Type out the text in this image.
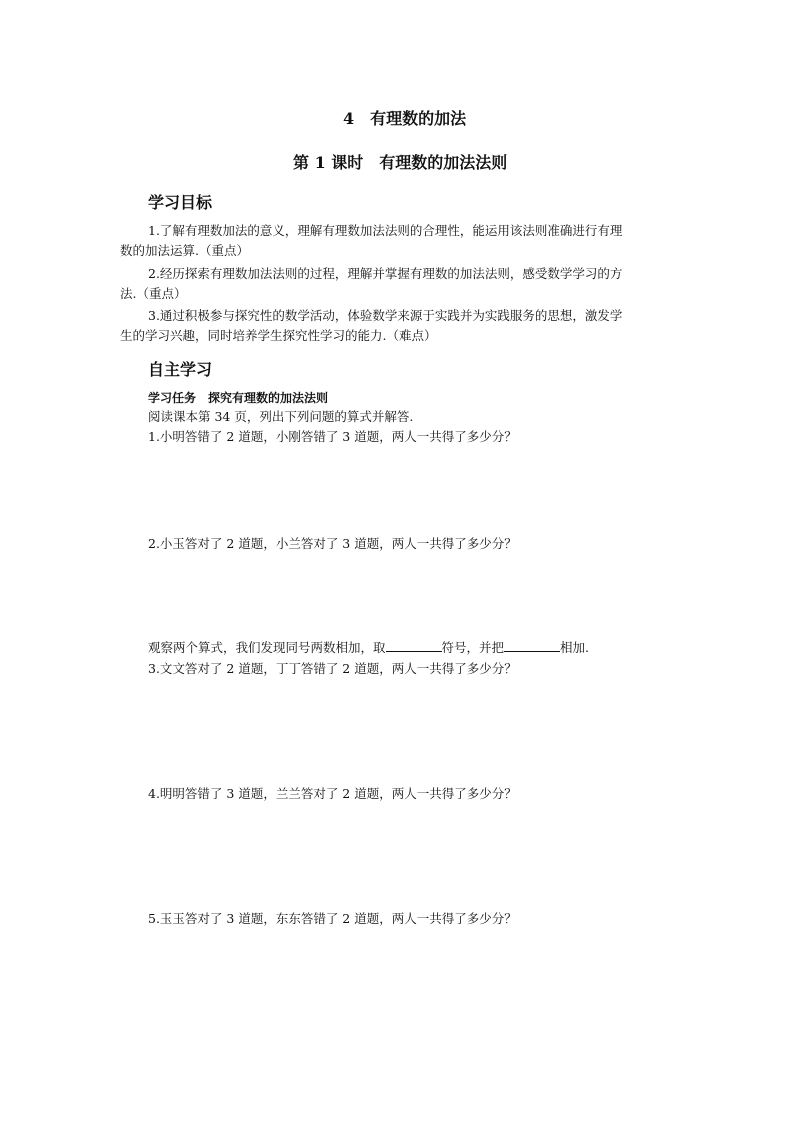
4　有理数的加法
第 1 课时　有理数的加法法则
学习目标
1.了解有理数加法的意义，理解有理数加法法则的合理性，能运用该法则准确进行有理
数的加法运算.（重点）
2.经历探索有理数加法法则的过程，理解并掌握有理数的加法法则，感受数学学习的方
法.（重点）
3.通过积极参与探究性的数学活动，体验数学来源于实践并为实践服务的思想，激发学
生的学习兴趣，同时培养学生探究性学习的能力.（难点）
自主学习
学习任务　探究有理数的加法法则
阅读课本第 34 页，列出下列问题的算式并解答.
1.小明答错了 2 道题，小刚答错了 3 道题，两人一共得了多少分？
2.小玉答对了 2 道题，小兰答对了 3 道题，两人一共得了多少分？
观察两个算式，我们发现同号两数相加，取	符号，并把	相加.
3.文文答对了 2 道题，丁丁答错了 2 道题，两人一共得了多少分？
4.明明答错了 3 道题，兰兰答对了 2 道题，两人一共得了多少分？
5.玉玉答对了 3 道题，东东答错了 2 道题，两人一共得了多少分？
